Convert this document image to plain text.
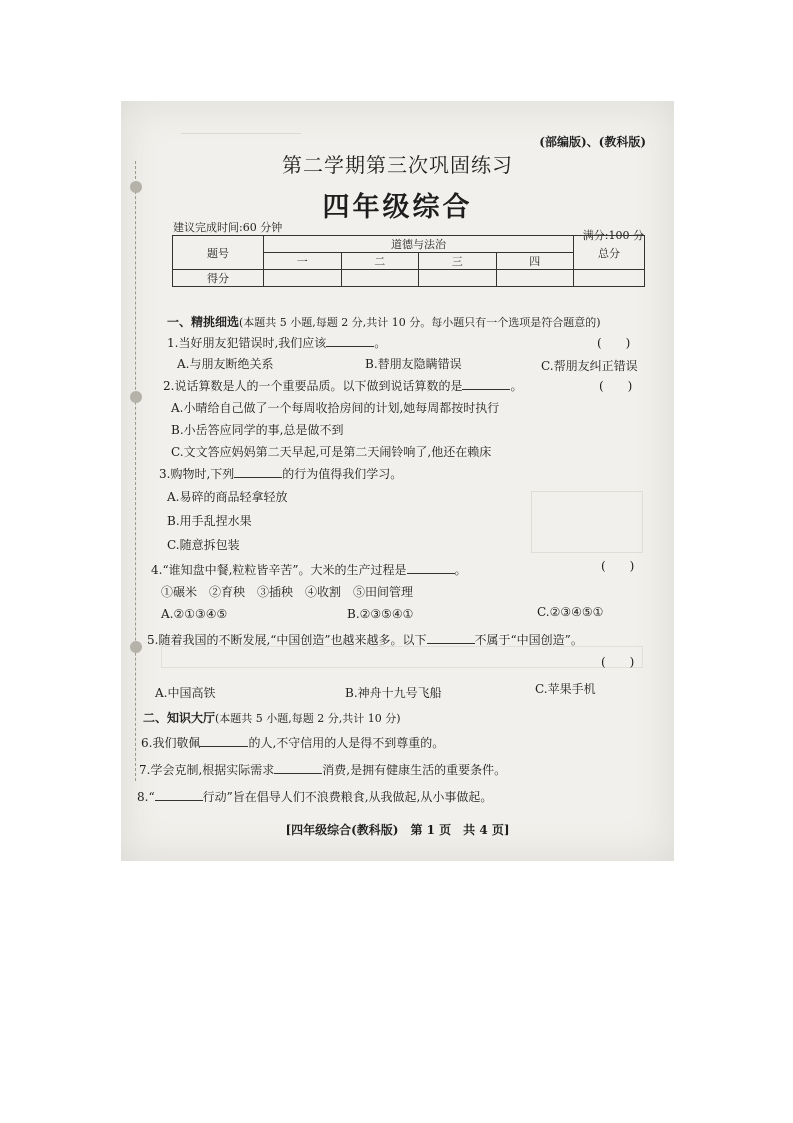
(部编版)、(教科版)
第二学期第三次巩固练习
四年级综合
建议完成时间:60 分钟
满分:100 分
题号	道德与法治				总分
	一	二	三	四	
得分					
一、精挑细选(本题共 5 小题,每题 2 分,共计 10 分。每小题只有一个选项是符合题意的)
1.当好朋友犯错误时,我们应该	。	(　　)
A.与朋友断绝关系	B.替朋友隐瞒错误	C.帮朋友纠正错误
2.说话算数是人的一个重要品质。以下做到说话算数的是	。	(　　)
A.小晴给自己做了一个每周收拾房间的计划,她每周都按时执行
B.小岳答应同学的事,总是做不到
C.文文答应妈妈第二天早起,可是第二天闹铃响了,他还在赖床
3.购物时,下列	的行为值得我们学习。
A.易碎的商品轻拿轻放
B.用手乱捏水果
C.随意拆包装
4.“谁知盘中餐,粒粒皆辛苦”。大米的生产过程是	。	(　　)
①碾米　②育秧　③插秧　④收割　⑤田间管理
A.②①③④⑤	B.②③⑤④①	C.②③④⑤①
5.随着我国的不断发展,“中国创造”也越来越多。以下	不属于“中国创造”。
(　　)
A.中国高铁	B.神舟十九号飞船	C.苹果手机
二、知识大厅(本题共 5 小题,每题 2 分,共计 10 分)
6.我们敬佩	的人,不守信用的人是得不到尊重的。
7.学会克制,根据实际需求	消费,是拥有健康生活的重要条件。
8.“	行动”旨在倡导人们不浪费粮食,从我做起,从小事做起。
[四年级综合(教科版)　第 1 页　共 4 页]
